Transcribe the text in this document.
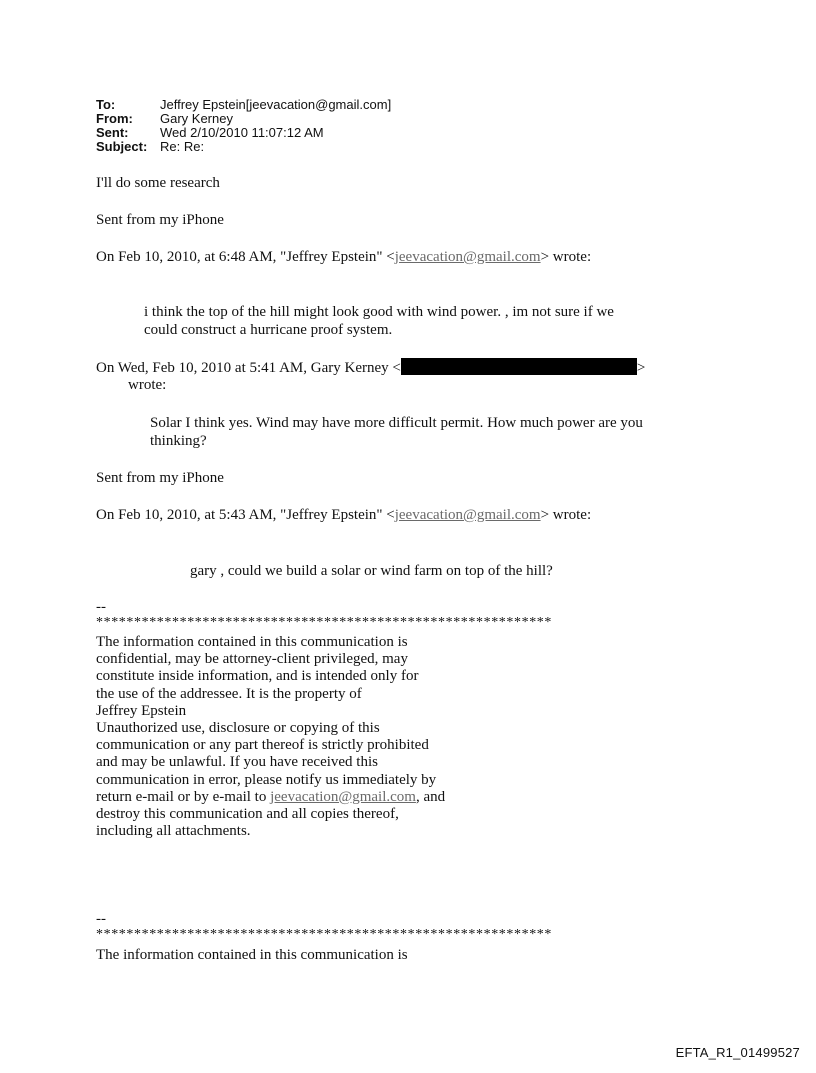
To:	Jeffrey Epstein[jeevacation@gmail.com]
From:	Gary Kerney
Sent:	Wed 2/10/2010 11:07:12 AM
Subject: Re: Re:
I'll do some research
Sent from my iPhone
On Feb 10, 2010, at 6:48 AM, "Jeffrey Epstein" <jeevacation@gmail.com> wrote:
i think the top of the hill might look good with wind power. , im not sure if we
could construct a hurricane proof system.
On Wed, Feb 10, 2010 at 5:41 AM, Gary Kerney <	>
wrote:
Solar I think yes. Wind may have more difficult permit. How much power are you
thinking?
Sent from my iPhone
On Feb 10, 2010, at 5:43 AM, "Jeffrey Epstein" <jeevacation@gmail.com> wrote:
gary , could we build a solar or wind farm on top of the hill?
--
************************************************************
The information contained in this communication is
confidential, may be attorney-client privileged, may
constitute inside information, and is intended only for
the use of the addressee. It is the property of
Jeffrey Epstein
Unauthorized use, disclosure or copying of this
communication or any part thereof is strictly prohibited
and may be unlawful. If you have received this
communication in error, please notify us immediately by
return e-mail or by e-mail to jeevacation@gmail.com, and
destroy this communication and all copies thereof,
including all attachments.
--
************************************************************
The information contained in this communication is
EFTA_R1_01499527
